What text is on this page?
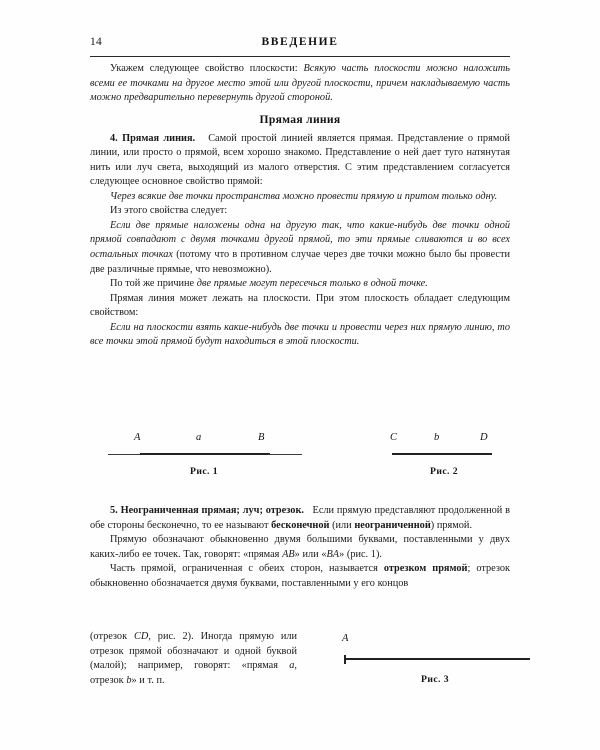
14	ВВЕДЕНИЕ

Укажем следующее свойство плоскости: Всякую часть плоскости можно наложить всеми ее точками на другое место этой или другой плоскости, причем накладываемую часть можно предварительно перевернуть другой стороной.

Прямая линия

4. Прямая линия. Самой простой линией является прямая. Представление о прямой линии, или просто о прямой, всем хорошо знакомо. Представление о ней дает туго натянутая нить или луч света, выходящий из малого отверстия. С этим представлением согласуется следующее основное свойство прямой:

Через всякие две точки пространства можно провести прямую и притом только одну.

Из этого свойства следует:

Если две прямые наложены одна на другую так, что какие-нибудь две точки одной прямой совпадают с двумя точками другой прямой, то эти прямые сливаются и во всех остальных точках (потому что в противном случае через две точки можно было бы провести две различные прямые, что невозможно).

По той же причине две прямые могут пересечься только в одной точке.

Прямая линия может лежать на плоскости. При этом плоскость обладает следующим свойством:

Если на плоскости взять какие-нибудь две точки и провести через них прямую линию, то все точки этой прямой будут находиться в этой плоскости.

A	a	B
Рис. 1
C	b	D
Рис. 2

5. Неограниченная прямая; луч; отрезок. Если прямую представляют продолженной в обе стороны бесконечно, то ее называют бесконечной (или неограниченной) прямой.

Прямую обозначают обыкновенно двумя большими буквами, поставленными у двух каких-либо ее точек. Так, говорят: «прямая AB» или «BA» (рис. 1).

Часть прямой, ограниченная с обеих сторон, называется отрезком прямой; отрезок обыкновенно обозначается двумя буквами, поставленными у его концов

(отрезок CD, рис. 2). Иногда прямую или отрезок прямой обозначают и одной буквой (малой); например, говорят: «прямая a, отрезок b» и т. п.

A
Рис. 3
